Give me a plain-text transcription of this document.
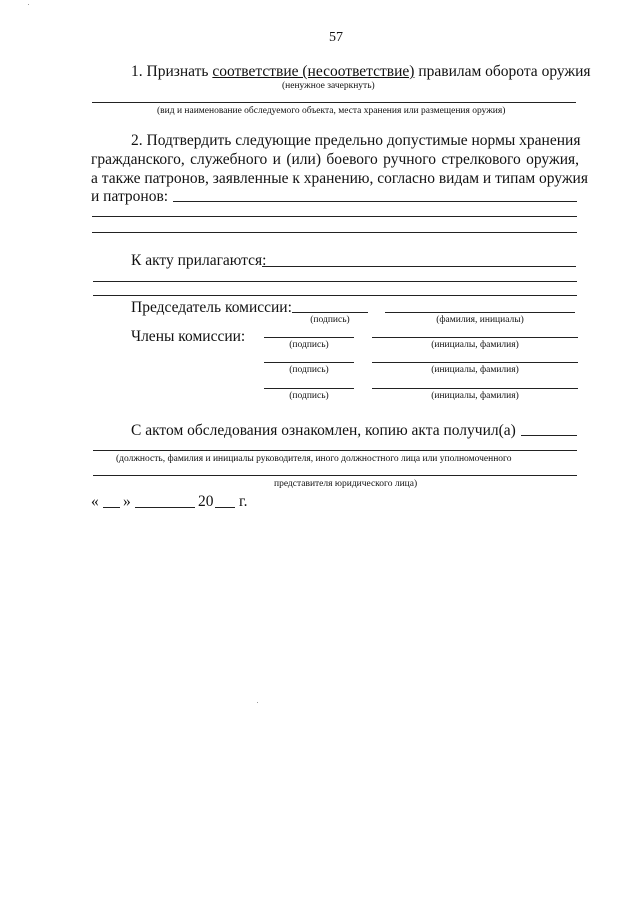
57
1. Признать соответствие (несоответствие) правилам оборота оружия
(ненужное зачеркнуть)
(вид и наименование обследуемого объекта, места хранения или размещения оружия)
2. Подтвердить следующие предельно допустимые нормы хранения
гражданского, служебного и (или) боевого ручного стрелкового оружия,
а также патронов, заявленные к хранению, согласно видам и типам оружия
и патронов:
К акту прилагаются:
Председатель комиссии:
(подпись)	(фамилия, инициалы)
Члены комиссии:	(подпись)	(инициалы, фамилия)
(подпись)	(инициалы, фамилия)
(подпись)	(инициалы, фамилия)
С актом обследования ознакомлен, копию акта получил(а)
(должность, фамилия и инициалы руководителя, иного должностного лица или уполномоченного
представителя юридического лица)
« »	20 г.
